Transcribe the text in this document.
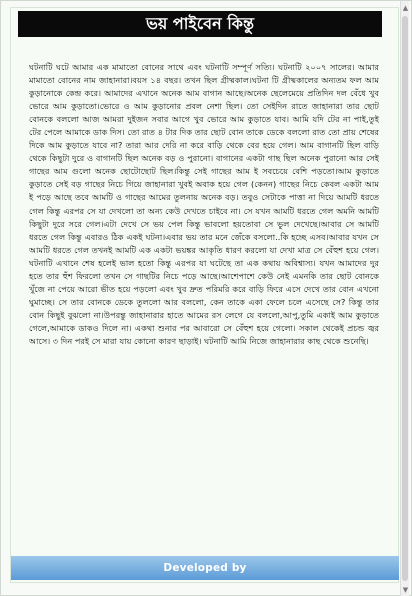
ভয় পাইবেন কিন্তু
ঘটনাটি ঘটে আমার এক মামাতো বোনের সাথে এবং ঘটনাটি সম্পূর্ণ সত্যি। ঘটনাটি ২০০৭ সালের। আমার মামাতো বোনের নাম জাহানারা।বয়স ১৪ বছর। তখন ছিল গ্রীষ্মকাল।ঘটনা টি গ্রীষ্মকালের অন্যতম ফল আম কুড়ানোকে কেন্দ্র করে। আমাদের এখানে অনেক আম বাগান আছে।অনেক ছেলেমেয়ে প্রতিদিন দল বেঁধে খুব ভোরে আম কুড়াতো।ভোরে ও আম কুড়ানোর প্রবল নেশা ছিল। তো সেইদিন রাতে জাহানারা তার ছোট বোনকে বললো আজ আমরা দুইজন সবার আগে খুব ভোরে আম কুড়াতে যাব। আমি যদি টের না পাই,তুই টের পেলে আমাকে ডাক দিস। তো রাত ৪ টার দিক তার ছোট বোন তাকে ডেকে বললো রাত তো প্রায় শেষের দিকে আম কুড়াতে যাবে না? তারা আর দেরি না করে বাড়ি থেকে বের হয়ে গেল। আম বাগানটি ছিল বাড়ি থেকে কিছুটা দুরে ও বাগানটি ছিল অনেক বড় ও পুরানো। বাগানের একটা গাছ ছিল অনেক পুরানো আর সেই গাছের আম গুলো অনেক ছোটোছোট ছিল।কিন্তু সেই গাছের আম ই সবচেয়ে বেশি পড়তো।আম কুড়াতে কুড়াতে সেই বড় গাছের নিচে গিয়ে জাহানারা খুবই অবাক হয়ে গেল (কেনন) গাছের নিচে কেবল একটা আম ই পড়ে আছে তবে আমটি ও গাছের আমের তুলনায় অনেক বড়। তবুও সেটাকে পাত্তা না দিয়ে আমটি ধরতে গেল কিন্তু এরপর সে যা দেখলো তা অন্য কেউ দেখতে চাইবে না। সে যখন আমটি ধরতে গেল অমনি আমটি কিছুটা দুরে সরে গেল।এটা দেখে সে ভয় পেল কিন্তু ভাবলো হয়তোবা সে ভুল দেখেছে।আবার সে আমটি ধরতে গেল কিন্তু এবারও ঠিক একই ঘটনা।এবার ভয় তার মনে জেঁকে বসলো..কি হচ্ছে এসব।আবার যখন সে আমটি ধরতে গেল তখনই আমটি এক একটা ভয়ঙ্কর আকৃতি ধারণ করলো যা দেখা মাত্র সে বেঁহুশ হয়ে গেল। ঘটনাটি এখানে শেষ হলেই ভাল হতো কিন্তু এরপর যা ঘটেছে তা এক কথায় অবিশ্বাস্য। যখন আমাদের দুর হতে তার হুঁশ ফিরলো তখন সে গাছটির নিচে পড়ে আছে।আশেপাশে কেউ নেই এমনকি তার ছোট বোনকে খুঁজে না পেয়ে আরো ভীত হয়ে পড়লো এবং খুব দ্রুত পরিমরি করে বাড়ি ফিরে এসে দেখে তার বোন এখনো ঘুমাচ্ছে। সে তার বোনকে ডেকে তুললো আর বললো, কেন তাকে একা ফেলে চলে এসেছে সে? কিন্তু তার বোন কিছুই বুঝলো না।উপরন্তু জাহানারার হাতে আমের রস লেগে যে বললো,আপু,তুমি একাই আম কুড়াতে গেলে,আমাকে ডাকও দিলে না। একথা শুনার পর আবারো সে বেঁহুশ হয়ে গেলো। সকাল থেকেই প্রচন্ড জ্বর আসে। ৩ দিন পরই সে মারা যায় কোনো কারণ ছাড়াই। ঘটনাটি আমি নিজে জাহানারার কাছ থেকে শুনেছি।
Developed by
▲
▼
